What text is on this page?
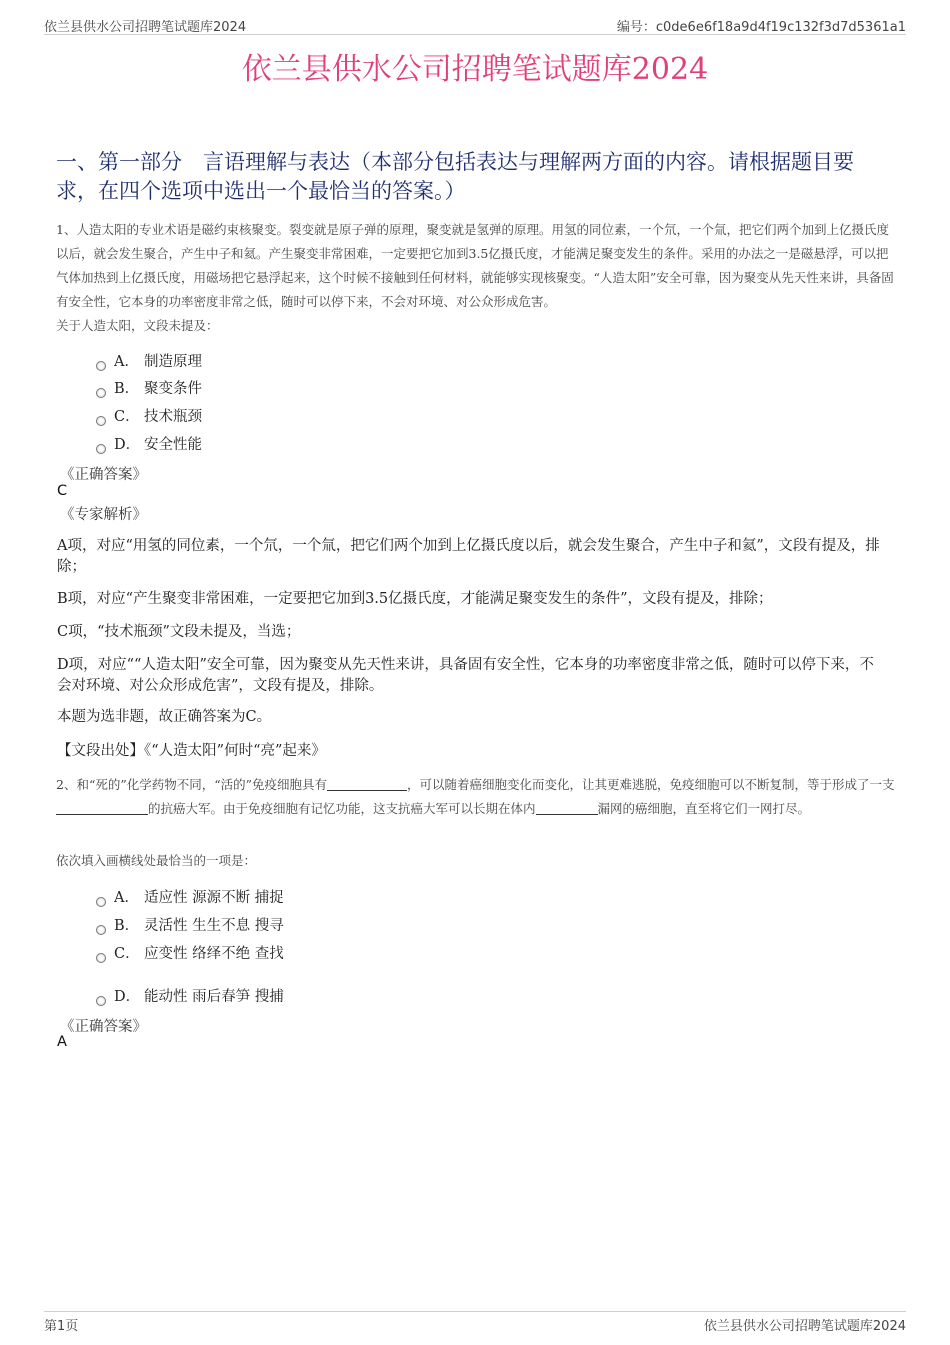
依兰县供水公司招聘笔试题库2024	编号：c0de6e6f18a9d4f19c132f3d7d5361a1
依兰县供水公司招聘笔试题库2024
一、第一部分　言语理解与表达（本部分包括表达与理解两方面的内容。请根据题目要求，在四个选项中选出一个最恰当的答案。）
1、人造太阳的专业术语是磁约束核聚变。裂变就是原子弹的原理，聚变就是氢弹的原理。用氢的同位素，一个氘，一个氚，把它们两个加到上亿摄氏度以后，就会发生聚合，产生中子和氦。产生聚变非常困难，一定要把它加到3.5亿摄氏度，才能满足聚变发生的条件。采用的办法之一是磁悬浮，可以把气体加热到上亿摄氏度，用磁场把它悬浮起来，这个时候不接触到任何材料，就能够实现核聚变。“人造太阳”安全可靠，因为聚变从先天性来讲，具备固有安全性，它本身的功率密度非常之低，随时可以停下来，不会对环境、对公众形成危害。
关于人造太阳，文段未提及：
A． 制造原理
B． 聚变条件
C． 技术瓶颈
D． 安全性能
《正确答案》
C
《专家解析》
A项，对应“用氢的同位素，一个氘，一个氚，把它们两个加到上亿摄氏度以后，就会发生聚合，产生中子和氦”，文段有提及，排除；
B项，对应“产生聚变非常困难，一定要把它加到3.5亿摄氏度，才能满足聚变发生的条件”，文段有提及，排除；
C项，“技术瓶颈”文段未提及，当选；
D项，对应““人造太阳”安全可靠，因为聚变从先天性来讲，具备固有安全性，它本身的功率密度非常之低，随时可以停下来，不会对环境、对公众形成危害”，文段有提及，排除。
本题为选非题，故正确答案为C。
【文段出处】《“人造太阳”何时“亮”起来》
2、和“死的”化学药物不同，“活的”免疫细胞具有	，可以随着癌细胞变化而变化，让其更难逃脱，免疫细胞可以不断复制，等于形成了一支的抗癌大军。由于免疫细胞有记忆功能，这支抗癌大军可以长期在体内	漏网的癌细胞，直至将它们一网打尽。
依次填入画横线处最恰当的一项是：
A． 适应性 源源不断 捕捉
B． 灵活性 生生不息 搜寻
C． 应变性 络绎不绝 查找
D． 能动性 雨后春笋 搜捕
《正确答案》
A
第1页	依兰县供水公司招聘笔试题库2024
